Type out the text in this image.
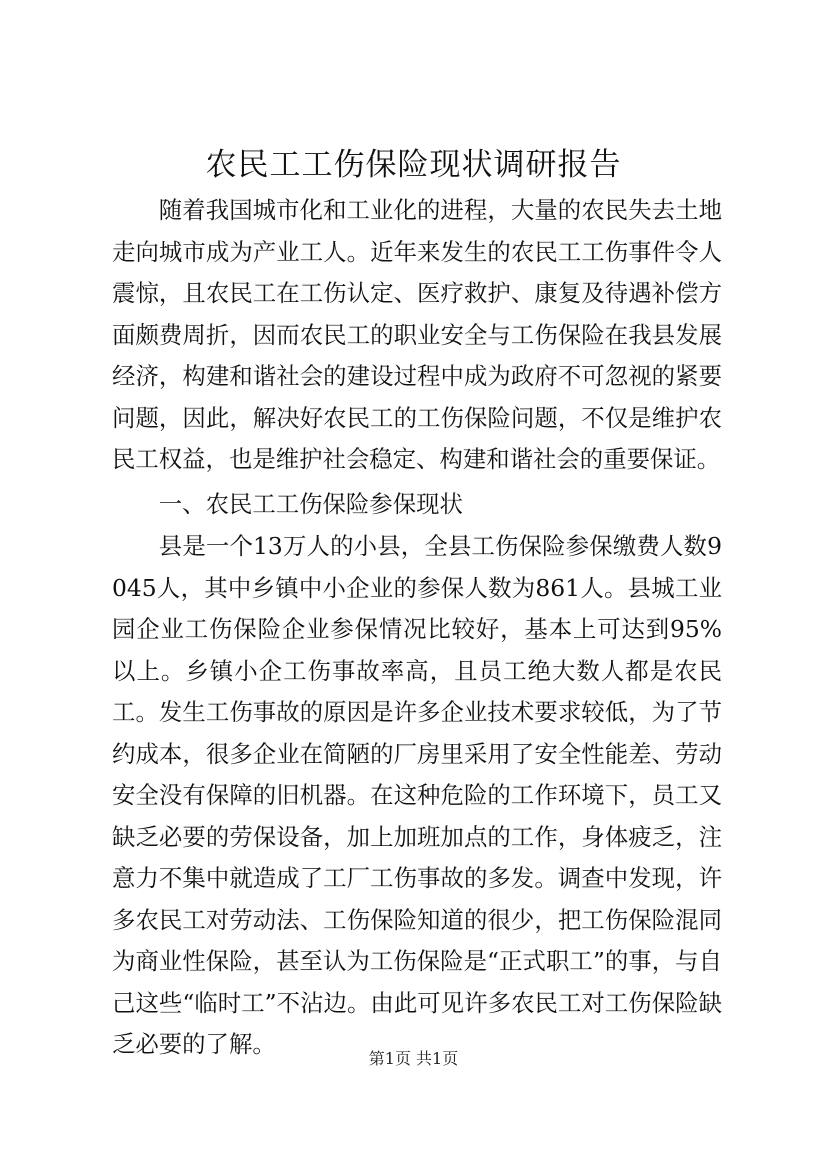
农民工工伤保险现状调研报告

随着我国城市化和工业化的进程，大量的农民失去土地走向城市成为产业工人。近年来发生的农民工工伤事件令人震惊，且农民工在工伤认定、医疗救护、康复及待遇补偿方面颇费周折，因而农民工的职业安全与工伤保险在我县发展经济，构建和谐社会的建设过程中成为政府不可忽视的紧要问题，因此，解决好农民工的工伤保险问题，不仅是维护农民工权益，也是维护社会稳定、构建和谐社会的重要保证。

一、农民工工伤保险参保现状

县是一个13万人的小县，全县工伤保险参保缴费人数9045人，其中乡镇中小企业的参保人数为861人。县城工业园企业工伤保险企业参保情况比较好，基本上可达到95%以上。乡镇小企工伤事故率高，且员工绝大数人都是农民工。发生工伤事故的原因是许多企业技术要求较低，为了节约成本，很多企业在简陋的厂房里采用了安全性能差、劳动安全没有保障的旧机器。在这种危险的工作环境下，员工又缺乏必要的劳保设备，加上加班加点的工作，身体疲乏，注意力不集中就造成了工厂工伤事故的多发。调查中发现，许多农民工对劳动法、工伤保险知道的很少，把工伤保险混同为商业性保险，甚至认为工伤保险是“正式职工”的事，与自己这些“临时工”不沾边。由此可见许多农民工对工伤保险缺乏必要的了解。

第1页 共1页
